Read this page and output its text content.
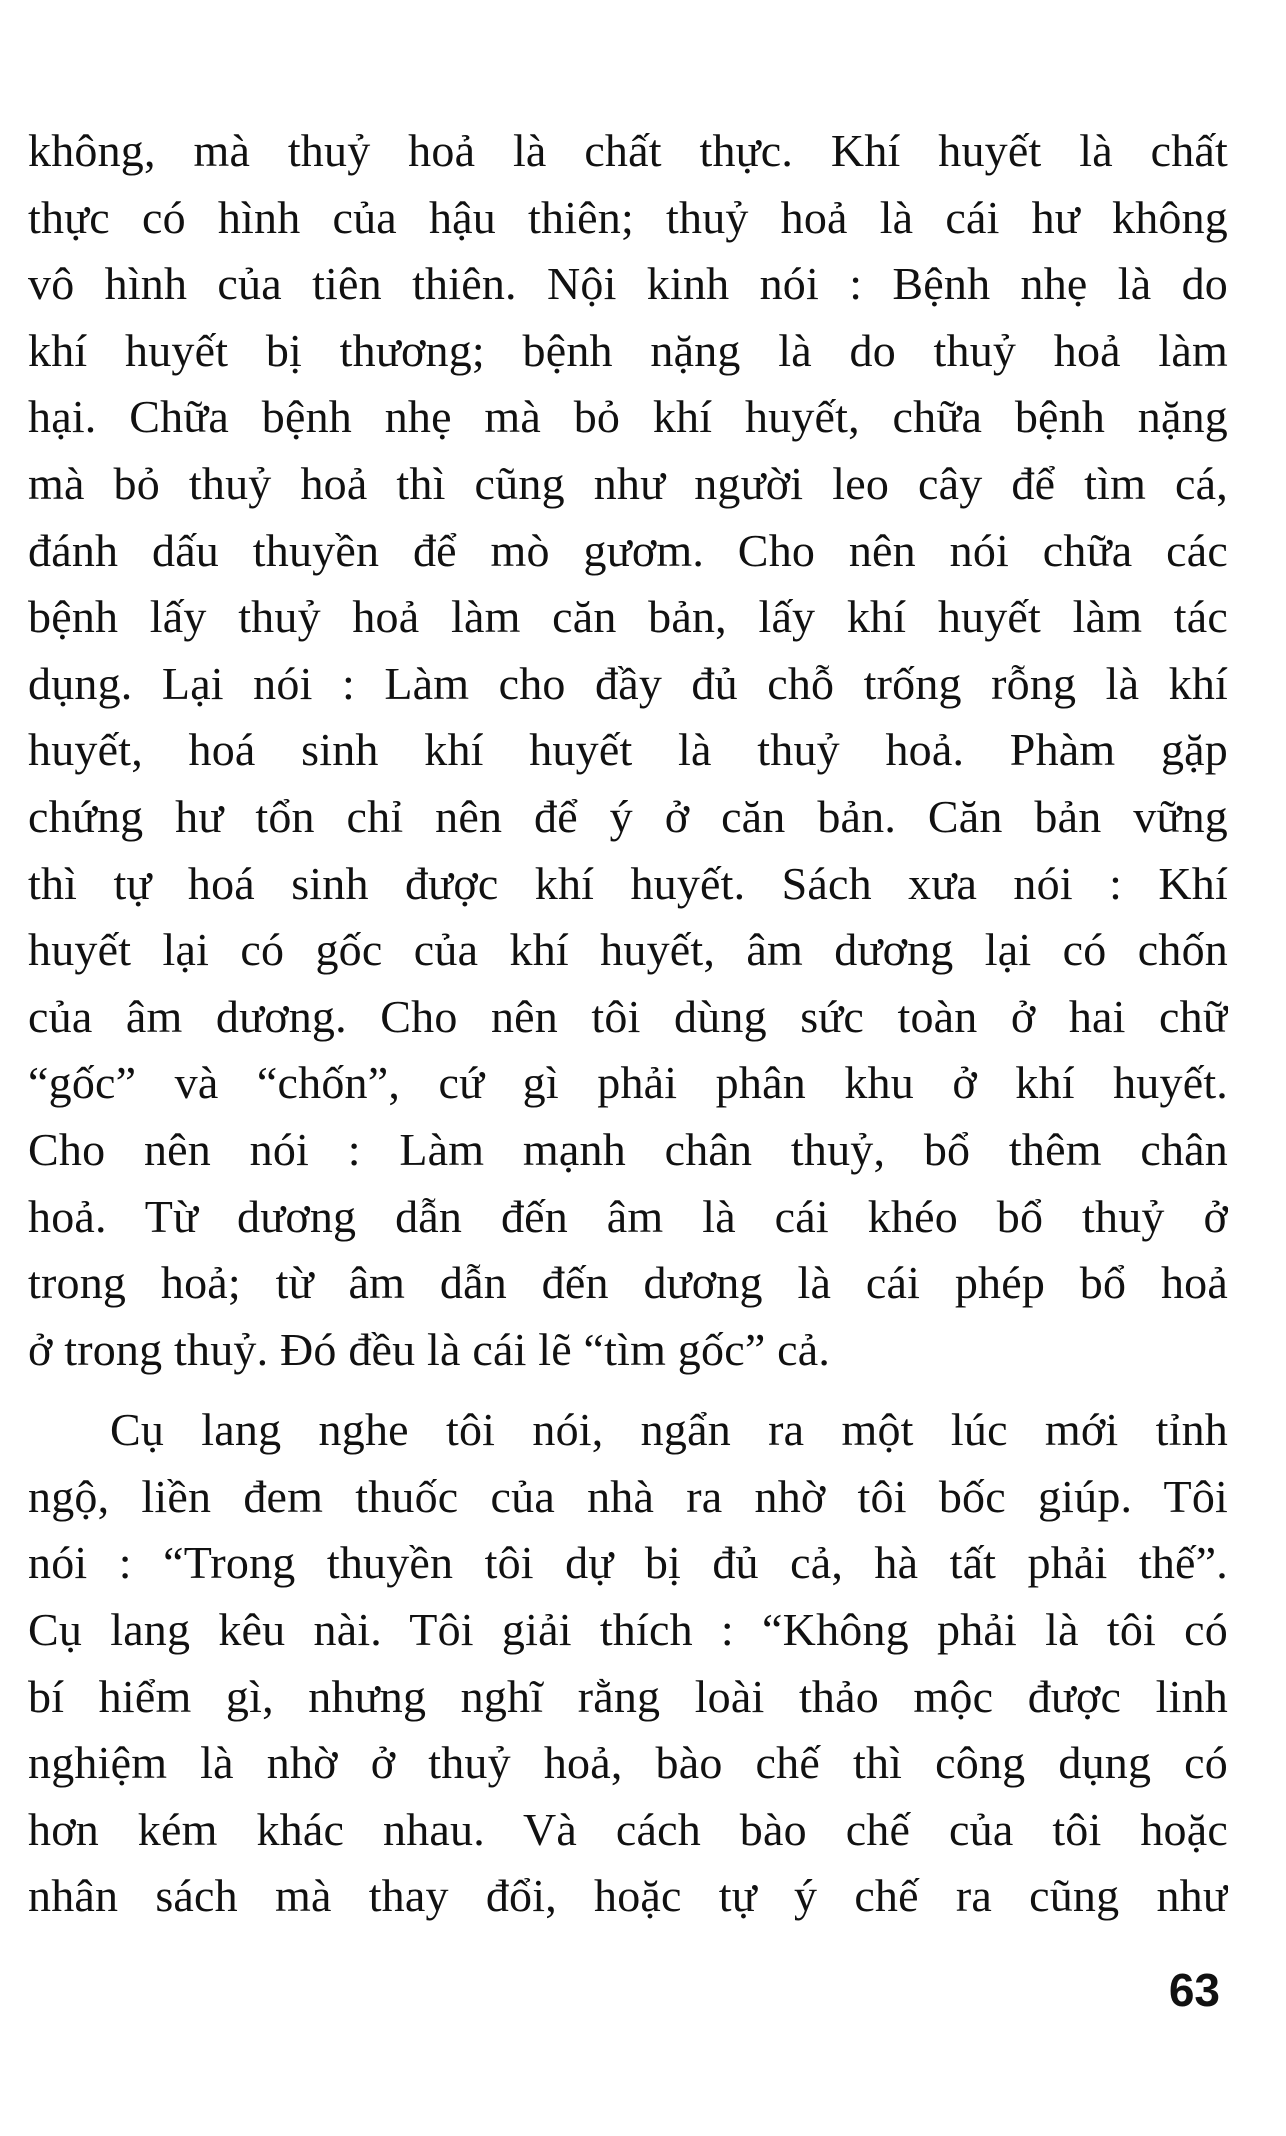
không, mà thuỷ hoả là chất thực. Khí huyết là chất
thực có hình của hậu thiên; thuỷ hoả là cái hư không
vô hình của tiên thiên. Nội kinh nói : Bệnh nhẹ là do
khí huyết bị thương; bệnh nặng là do thuỷ hoả làm
hại. Chữa bệnh nhẹ mà bỏ khí huyết, chữa bệnh nặng
mà bỏ thuỷ hoả thì cũng như người leo cây để tìm cá,
đánh dấu thuyền để mò gươm. Cho nên nói chữa các
bệnh lấy thuỷ hoả làm căn bản, lấy khí huyết làm tác
dụng. Lại nói : Làm cho đầy đủ chỗ trống rỗng là khí
huyết, hoá sinh khí huyết là thuỷ hoả. Phàm gặp
chứng hư tổn chỉ nên để ý ở căn bản. Căn bản vững
thì tự hoá sinh được khí huyết. Sách xưa nói : Khí
huyết lại có gốc của khí huyết, âm dương lại có chốn
của âm dương. Cho nên tôi dùng sức toàn ở hai chữ
“gốc” và “chốn”, cứ gì phải phân khu ở khí huyết.
Cho nên nói : Làm mạnh chân thuỷ, bổ thêm chân
hoả. Từ dương dẫn đến âm là cái khéo bổ thuỷ ở
trong hoả; từ âm dẫn đến dương là cái phép bổ hoả
ở trong thuỷ. Đó đều là cái lẽ “tìm gốc” cả.
Cụ lang nghe tôi nói, ngẩn ra một lúc mới tỉnh
ngộ, liền đem thuốc của nhà ra nhờ tôi bốc giúp. Tôi
nói : “Trong thuyền tôi dự bị đủ cả, hà tất phải thế”.
Cụ lang kêu nài. Tôi giải thích : “Không phải là tôi có
bí hiểm gì, nhưng nghĩ rằng loài thảo mộc được linh
nghiệm là nhờ ở thuỷ hoả, bào chế thì công dụng có
hơn kém khác nhau. Và cách bào chế của tôi hoặc
nhân sách mà thay đổi, hoặc tự ý chế ra cũng như
63
